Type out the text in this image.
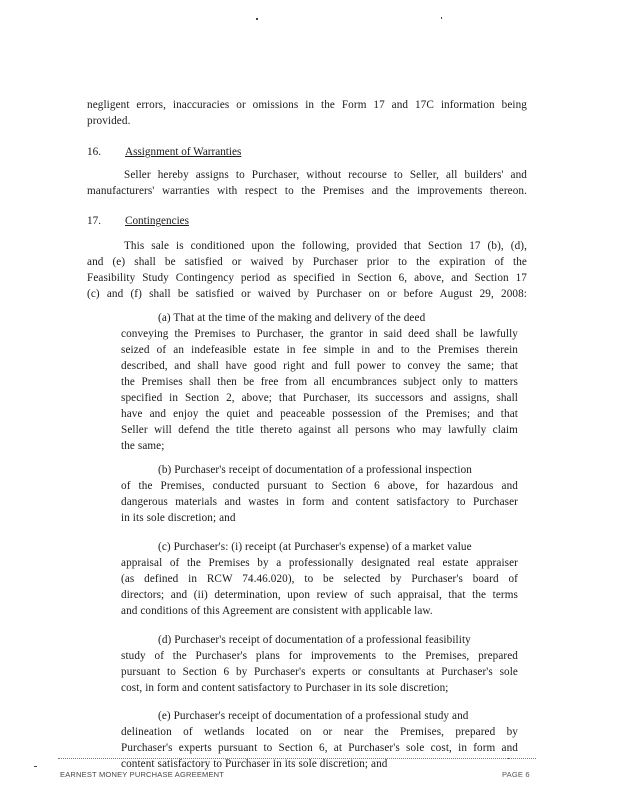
negligent errors, inaccuracies or omissions in the Form 17 and 17C information being
provided.
16. Assignment of Warranties
Seller hereby assigns to Purchaser, without recourse to Seller, all builders' and
manufacturers' warranties with respect to the Premises and the improvements thereon.
17. Contingencies
This sale is conditioned upon the following, provided that Section 17 (b), (d),
and (e) shall be satisfied or waived by Purchaser prior to the expiration of the
Feasibility Study Contingency period as specified in Section 6, above, and Section 17
(c) and (f) shall be satisfied or waived by Purchaser on or before August 29, 2008:
(a) That at the time of the making and delivery of the deed
conveying the Premises to Purchaser, the grantor in said deed shall be lawfully
seized of an indefeasible estate in fee simple in and to the Premises therein
described, and shall have good right and full power to convey the same; that
the Premises shall then be free from all encumbrances subject only to matters
specified in Section 2, above; that Purchaser, its successors and assigns, shall
have and enjoy the quiet and peaceable possession of the Premises; and that
Seller will defend the title thereto against all persons who may lawfully claim
the same;
(b) Purchaser's receipt of documentation of a professional inspection
of the Premises, conducted pursuant to Section 6 above, for hazardous and
dangerous materials and wastes in form and content satisfactory to Purchaser
in its sole discretion; and
(c) Purchaser's: (i) receipt (at Purchaser's expense) of a market value
appraisal of the Premises by a professionally designated real estate appraiser
(as defined in RCW 74.46.020), to be selected by Purchaser's board of
directors; and (ii) determination, upon review of such appraisal, that the terms
and conditions of this Agreement are consistent with applicable law.
(d) Purchaser's receipt of documentation of a professional feasibility
study of the Purchaser's plans for improvements to the Premises, prepared
pursuant to Section 6 by Purchaser's experts or consultants at Purchaser's sole
cost, in form and content satisfactory to Purchaser in its sole discretion;
(e) Purchaser's receipt of documentation of a professional study and
delineation of wetlands located on or near the Premises, prepared by
Purchaser's experts pursuant to Section 6, at Purchaser's sole cost, in form and
content satisfactory to Purchaser in its sole discretion; and
EARNEST MONEY PURCHASE AGREEMENT	PAGE 6
